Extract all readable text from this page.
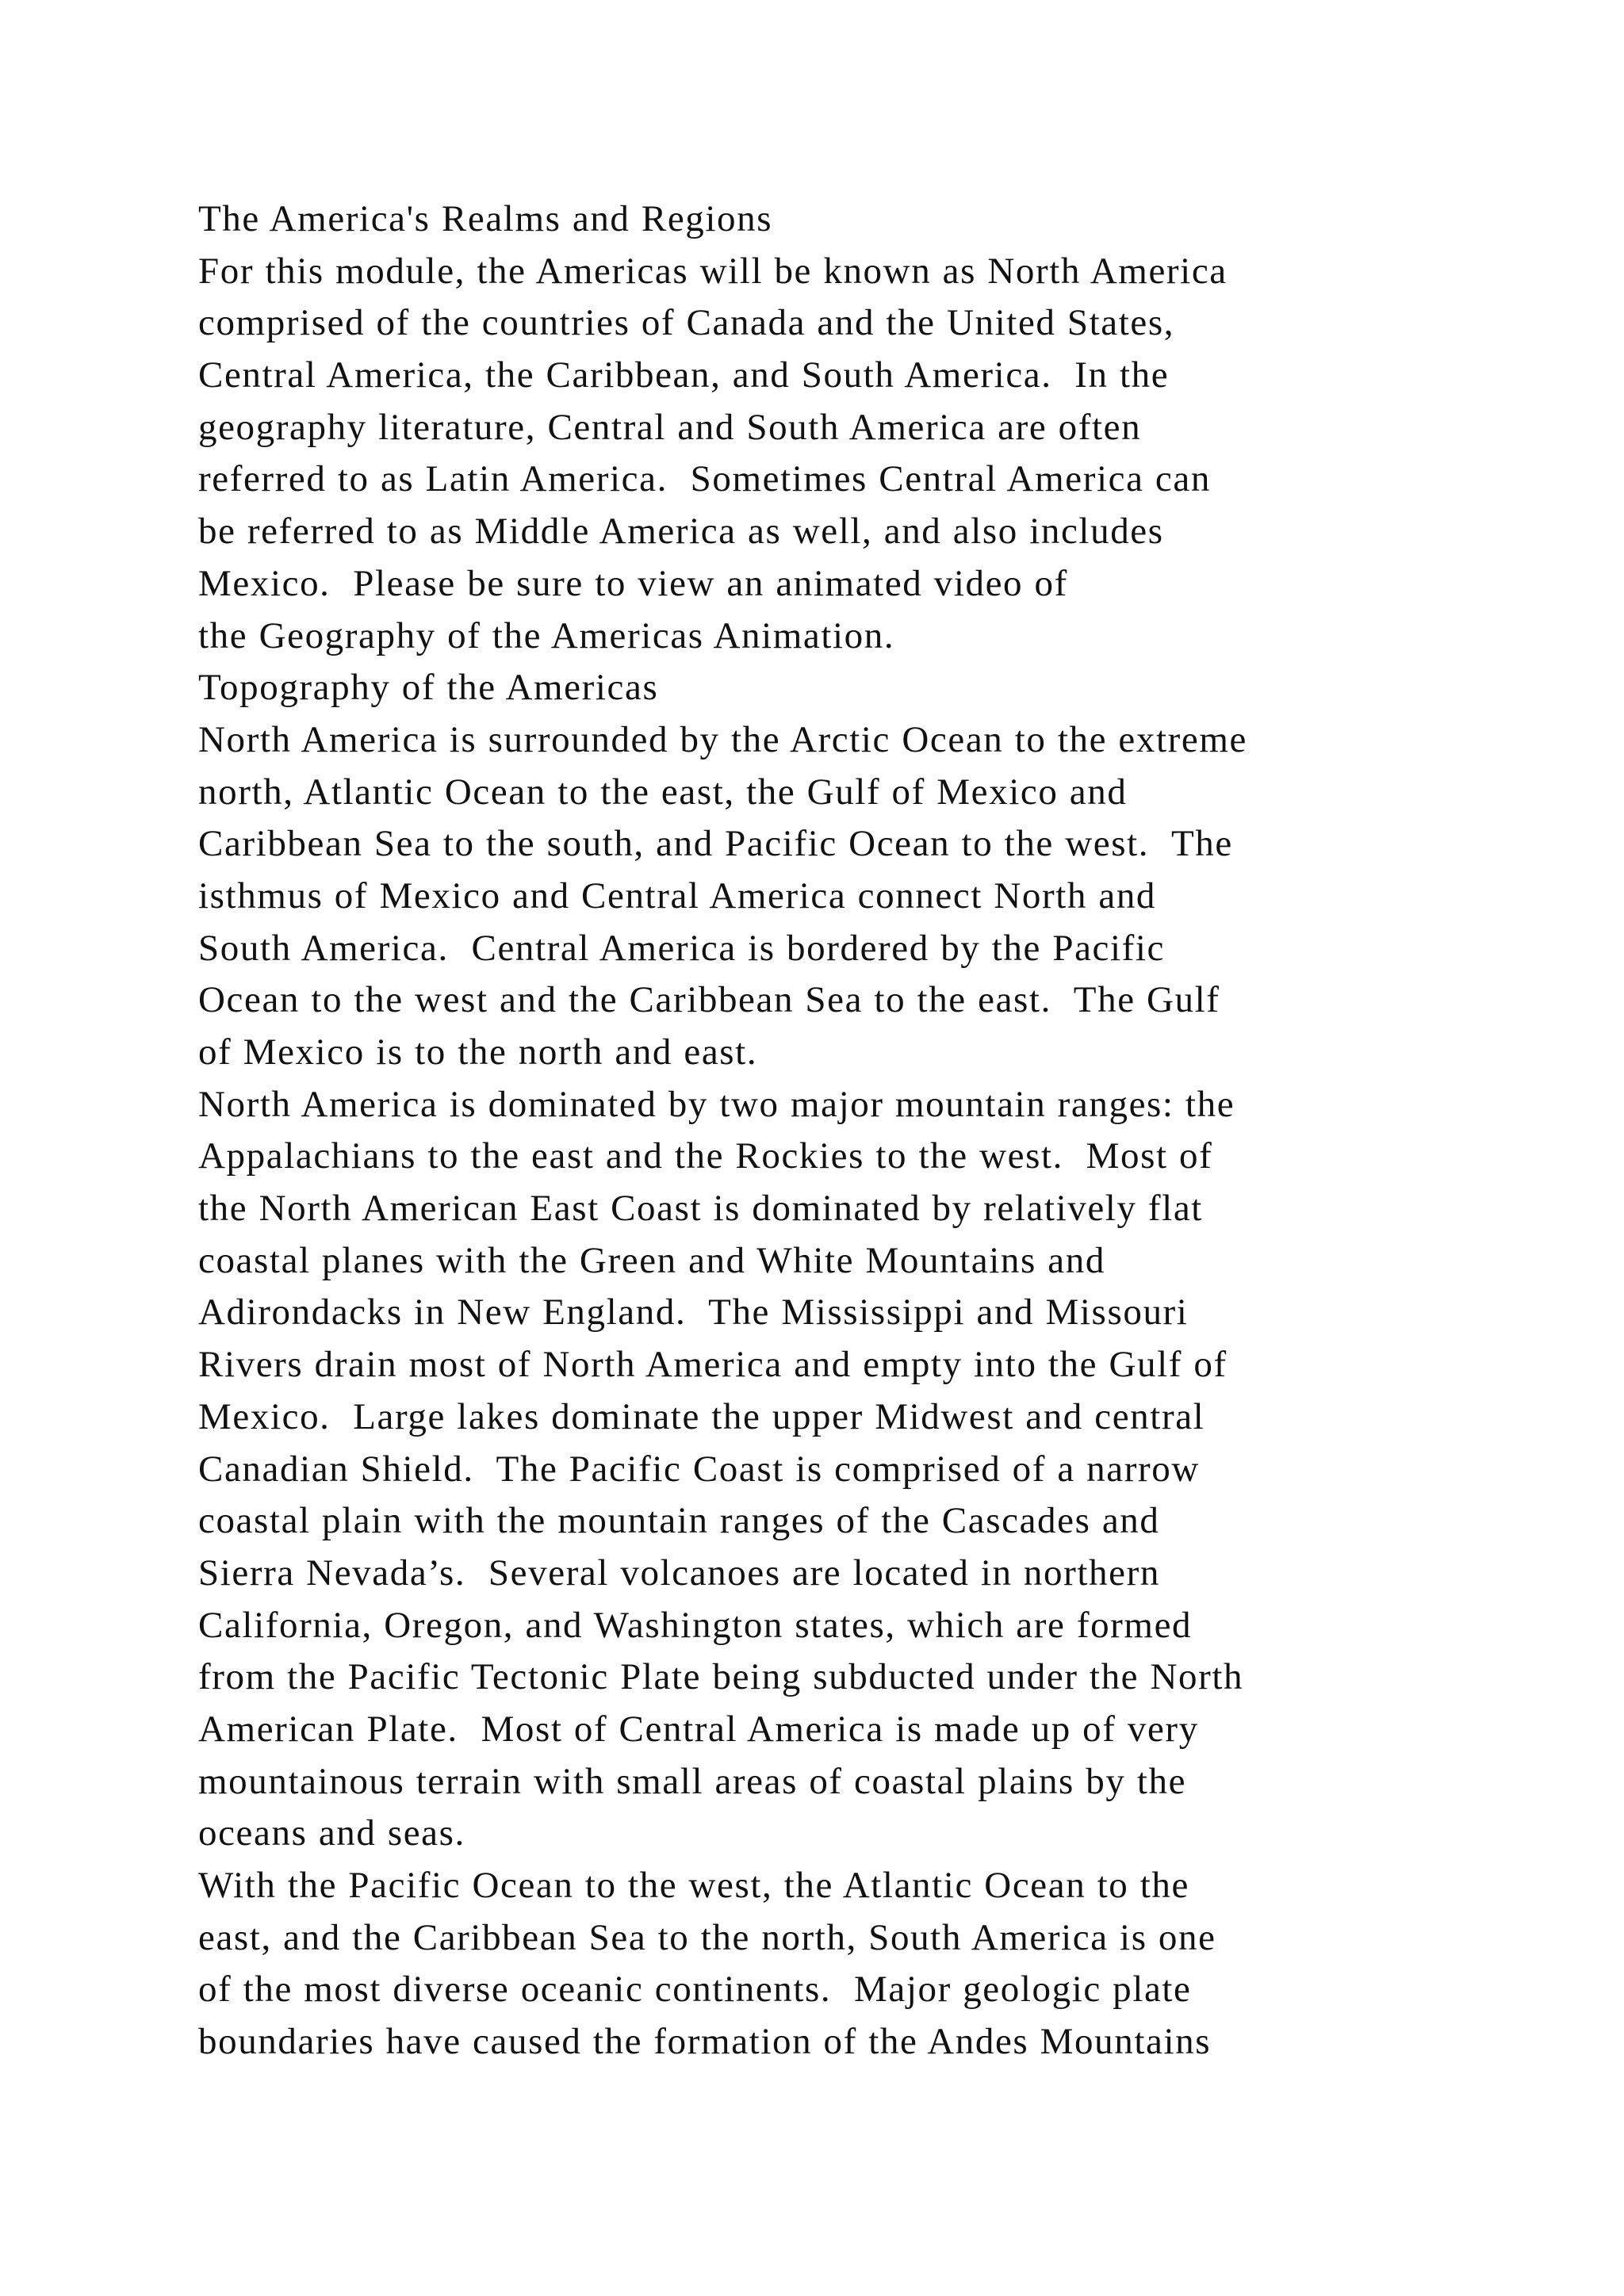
The America's Realms and Regions
For this module, the Americas will be known as North America
comprised of the countries of Canada and the United States,
Central America, the Caribbean, and South America.  In the
geography literature, Central and South America are often
referred to as Latin America.  Sometimes Central America can
be referred to as Middle America as well, and also includes
Mexico.  Please be sure to view an animated video of
the Geography of the Americas Animation.
Topography of the Americas
North America is surrounded by the Arctic Ocean to the extreme
north, Atlantic Ocean to the east, the Gulf of Mexico and
Caribbean Sea to the south, and Pacific Ocean to the west.  The
isthmus of Mexico and Central America connect North and
South America.  Central America is bordered by the Pacific
Ocean to the west and the Caribbean Sea to the east.  The Gulf
of Mexico is to the north and east.
North America is dominated by two major mountain ranges: the
Appalachians to the east and the Rockies to the west.  Most of
the North American East Coast is dominated by relatively flat
coastal planes with the Green and White Mountains and
Adirondacks in New England.  The Mississippi and Missouri
Rivers drain most of North America and empty into the Gulf of
Mexico.  Large lakes dominate the upper Midwest and central
Canadian Shield.  The Pacific Coast is comprised of a narrow
coastal plain with the mountain ranges of the Cascades and
Sierra Nevada’s.  Several volcanoes are located in northern
California, Oregon, and Washington states, which are formed
from the Pacific Tectonic Plate being subducted under the North
American Plate.  Most of Central America is made up of very
mountainous terrain with small areas of coastal plains by the
oceans and seas.
With the Pacific Ocean to the west, the Atlantic Ocean to the
east, and the Caribbean Sea to the north, South America is one
of the most diverse oceanic continents.  Major geologic plate
boundaries have caused the formation of the Andes Mountains
